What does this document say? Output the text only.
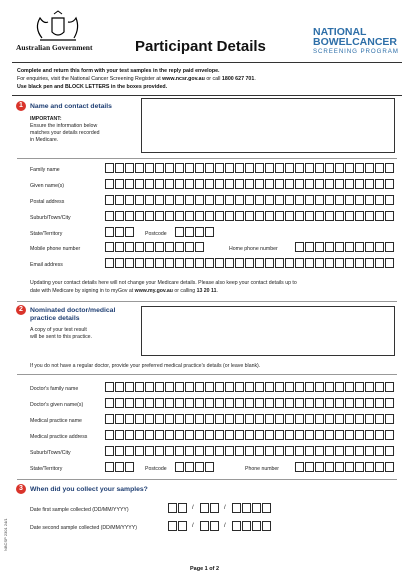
Australian Government	Participant Details
NATIONAL
BOWELCANCER
SCREENING PROGRAM
Complete and return this form with your test samples in the reply paid envelope.
For enquiries, visit the National Cancer Screening Register at www.ncsr.gov.au or call 1800 627 701.
Use black pen and BLOCK LETTERS in the boxes provided.
1	Name and contact details
IMPORTANT:
Ensure the information below
matches your details recorded
in Medicare.
Family name
Given name(s)
Postal address
Suburb/Town/City
State/Territory	Postcode
Mobile phone number	Home phone number
Email address
Updating your contact details here will not change your Medicare details. Please also keep your contact details up to
date with Medicare by signing in to myGov at www.my.gov.au or calling 13 20 11.
2	Nominated doctor/medical
practice details
A copy of your test result
will be sent to this practice.
If you do not have a regular doctor, provide your preferred medical practice's details (or leave blank).
Doctor's family name
Doctor's given name(s)
Medical practice name
Medical practice address
Suburb/Town/City
State/Territory	Postcode	Phone number
3	When did you collect your samples?
Date first sample collected (DD/MM/YYYY)	/	/
Date second sample collected (DD/MM/YYYY)	/	/
NBCSP 2301 24/1
Page 1 of 2
